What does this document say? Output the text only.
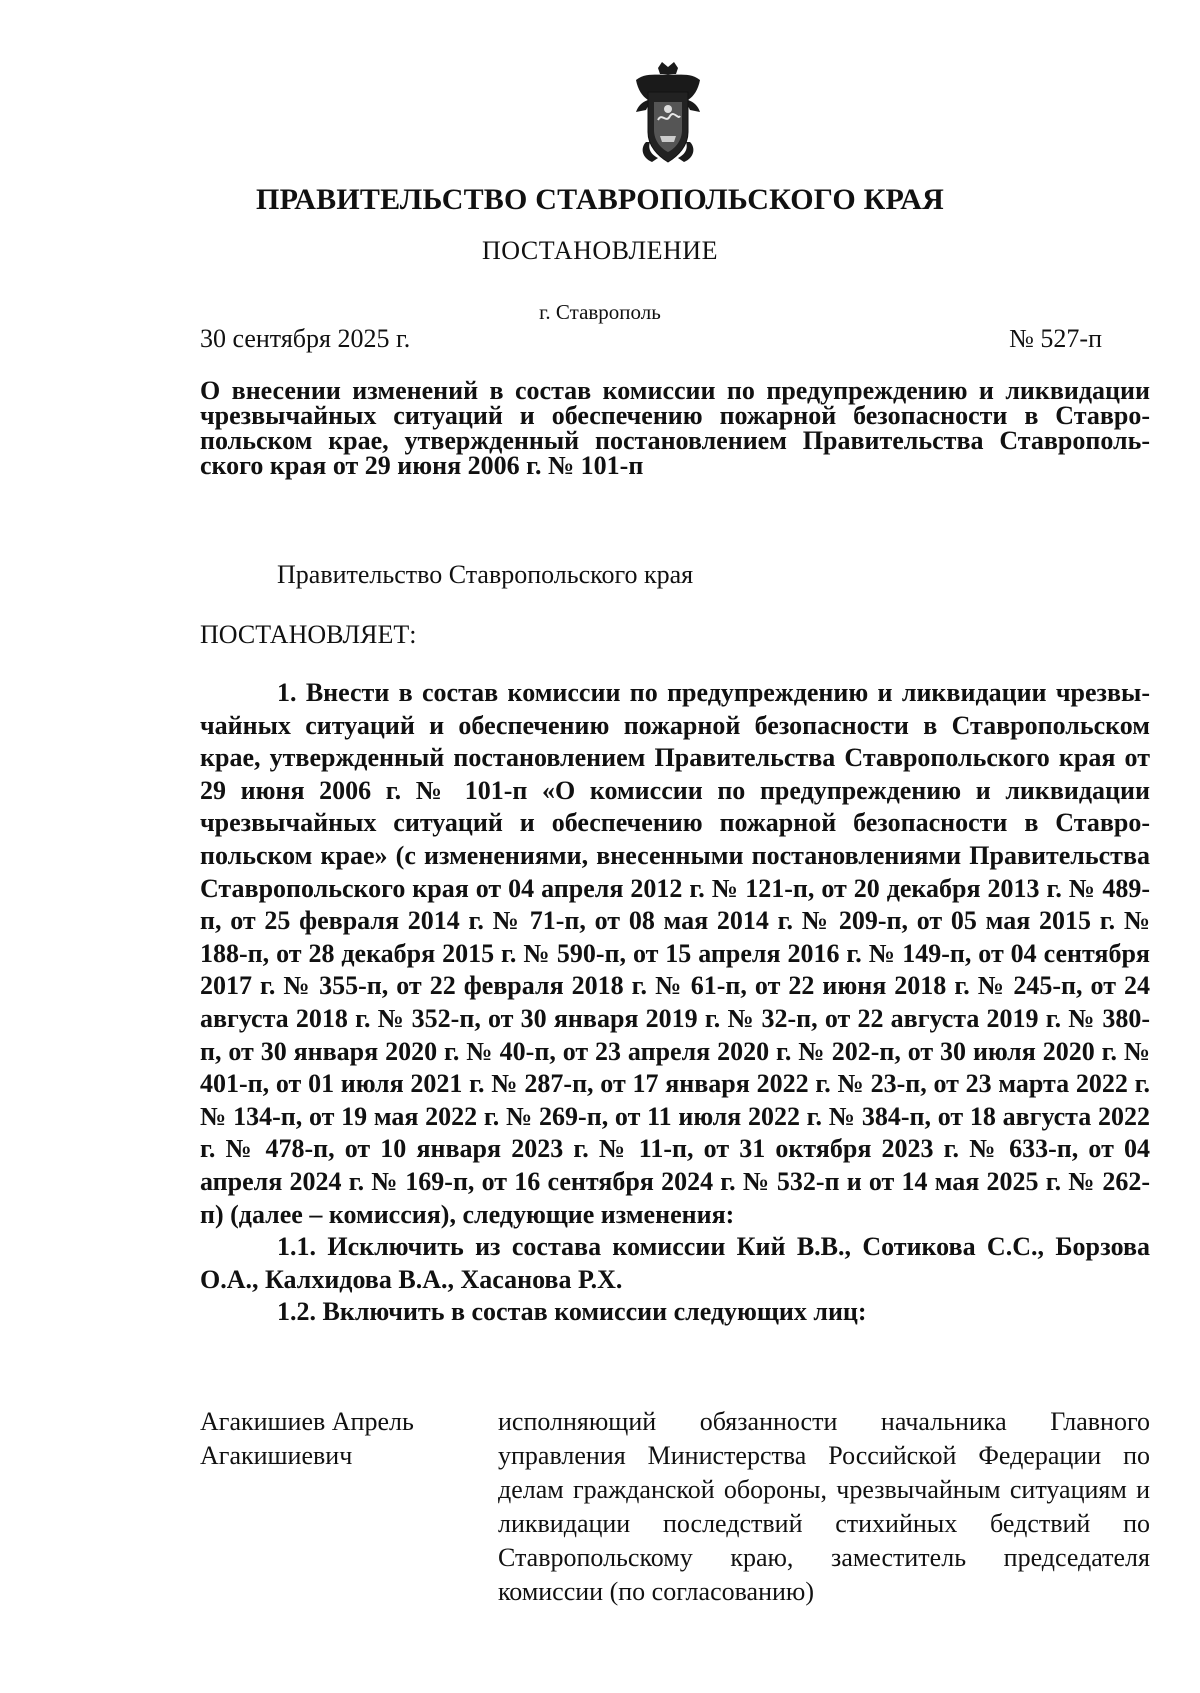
ПРАВИТЕЛЬСТВО СТАВРОПОЛЬСКОГО КРАЯ
ПОСТАНОВЛЕНИЕ
г. Ставрополь
30 сентября 2025 г.	№ 527-п
О внесении изменений в состав комиссии по предупреждению и ликвидации чрезвычайных ситуаций и обеспечению пожарной безопасности в Ставропольском крае, утвержденный постановлением Правительства Ставропольского края от 29 июня 2006 г. № 101-п
Правительство Ставропольского края
ПОСТАНОВЛЯЕТ:

1. Внести в состав комиссии по предупреждению и ликвидации чрезвычайных ситуаций и обеспечению пожарной безопасности в Ставропольском крае, утвержденный постановлением Правительства Ставропольского края от 29 июня 2006 г. № 101-п «О комиссии по предупреждению и ликвидации чрезвычайных ситуаций и обеспечению пожарной безопасности в Ставропольском крае» (с изменениями, внесенными постановлениями Правительства Ставропольского края от 04 апреля 2012 г. № 121-п, от 20 декабря 2013 г. № 489-п, от 25 февраля 2014 г. № 71-п, от 08 мая 2014 г. № 209-п, от 05 мая 2015 г. № 188-п, от 28 декабря 2015 г. № 590-п, от 15 апреля 2016 г. № 149-п, от 04 сентября 2017 г. № 355-п, от 22 февраля 2018 г. № 61-п, от 22 июня 2018 г. № 245-п, от 24 августа 2018 г. № 352-п, от 30 января 2019 г. № 32-п, от 22 августа 2019 г. № 380-п, от 30 января 2020 г. № 40-п, от 23 апреля 2020 г. № 202-п, от 30 июля 2020 г. № 401-п, от 01 июля 2021 г. № 287-п, от 17 января 2022 г. № 23-п, от 23 марта 2022 г. № 134-п, от 19 мая 2022 г. № 269-п, от 11 июля 2022 г. № 384-п, от 18 августа 2022 г. № 478-п, от 10 января 2023 г. № 11-п, от 31 октября 2023 г. № 633-п, от 04 апреля 2024 г. № 169-п, от 16 сентября 2024 г. № 532-п и от 14 мая 2025 г. № 262-п) (далее – комиссия), следующие изменения:

1.1. Исключить из состава комиссии Кий В.В., Сотикова С.С., Борзова О.А., Калхидова В.А., Хасанова Р.Х.

1.2. Включить в состав комиссии следующих лиц:

Агакишиев Апрель Агакишиевич
исполняющий обязанности начальника Главного управления Министерства Российской Федерации по делам гражданской обороны, чрезвычайным ситуациям и ликвидации последствий стихийных бедствий по Ставропольскому краю, заместитель председателя комиссии (по согласованию)
